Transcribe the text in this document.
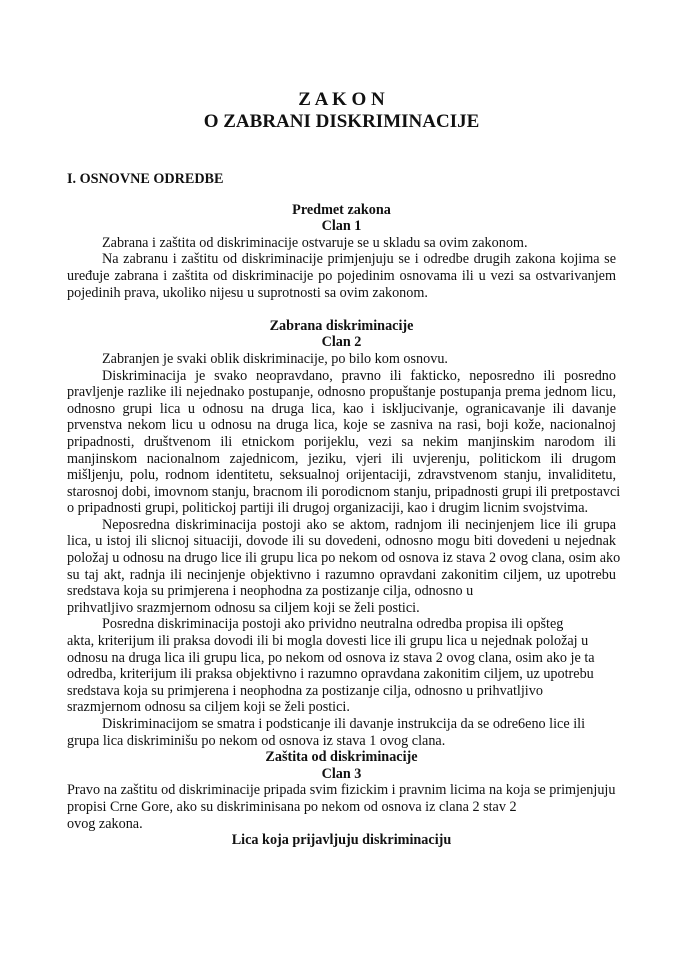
Z A K O N
O ZABRANI DISKRIMINACIJE
I. OSNOVNE ODREDBE
Predmet zakona
Clan 1
Zabrana i zaštita od diskriminacije ostvaruje se u skladu sa ovim zakonom.
Na zabranu i zaštitu od diskriminacije primjenjuju se i odredbe drugih zakona kojima se
uređuje zabrana i zaštita od diskriminacije po pojedinim osnovama ili u vezi sa ostvarivanjem
pojedinih prava, ukoliko nijesu u suprotnosti sa ovim zakonom.
Zabrana diskriminacije
Clan 2
Zabranjen je svaki oblik diskriminacije, po bilo kom osnovu.
Diskriminacija je svako neopravdano, pravno ili fakticko, neposredno ili posredno
pravljenje razlike ili nejednako postupanje, odnosno propuštanje postupanja prema jednom licu,
odnosno grupi lica u odnosu na druga lica, kao i iskljucivanje, ogranicavanje ili davanje
prvenstva nekom licu u odnosu na druga lica, koje se zasniva na rasi, boji kože, nacionalnoj
pripadnosti, društvenom ili etnickom porijeklu, vezi sa nekim manjinskim narodom ili
manjinskom nacionalnom zajednicom, jeziku, vjeri ili uvjerenju, politickom ili drugom
mišljenju, polu, rodnom identitetu, seksualnoj orijentaciji, zdravstvenom stanju, invaliditetu,
starosnoj dobi, imovnom stanju, bracnom ili porodicnom stanju, pripadnosti grupi ili pretpostavci
o pripadnosti grupi, politickoj partiji ili drugoj organizaciji, kao i drugim licnim svojstvima.
Neposredna diskriminacija postoji ako se aktom, radnjom ili necinjenjem lice ili grupa
lica, u istoj ili slicnoj situaciji, dovode ili su dovedeni, odnosno mogu biti dovedeni u nejednak
položaj u odnosu na drugo lice ili grupu lica po nekom od osnova iz stava 2 ovog clana, osim ako
su taj akt, radnja ili necinjenje objektivno i razumno opravdani zakonitim ciljem, uz upotrebu
sredstava koja su primjerena i neophodna za postizanje cilja, odnosno u
prihvatljivo srazmjernom odnosu sa ciljem koji se želi postici.
Posredna diskriminacija postoji ako prividno neutralna odredba propisa ili opšteg
akta, kriterijum ili praksa dovodi ili bi mogla dovesti lice ili grupu lica u nejednak položaj u
odnosu na druga lica ili grupu lica, po nekom od osnova iz stava 2 ovog clana, osim ako je ta
odredba, kriterijum ili praksa objektivno i razumno opravdana zakonitim ciljem, uz upotrebu
sredstava koja su primjerena i neophodna za postizanje cilja, odnosno u prihvatljivo
srazmjernom odnosu sa ciljem koji se želi postici.
Diskriminacijom se smatra i podsticanje ili davanje instrukcija da se odre6eno lice ili
grupa lica diskriminišu po nekom od osnova iz stava 1 ovog clana.
Zaštita od diskriminacije
Clan 3
Pravo na zaštitu od diskriminacije pripada svim fizickim i pravnim licima na koja se primjenjuju
propisi Crne Gore, ako su diskriminisana po nekom od osnova iz clana 2 stav 2
ovog zakona.
Lica koja prijavljuju diskriminaciju
